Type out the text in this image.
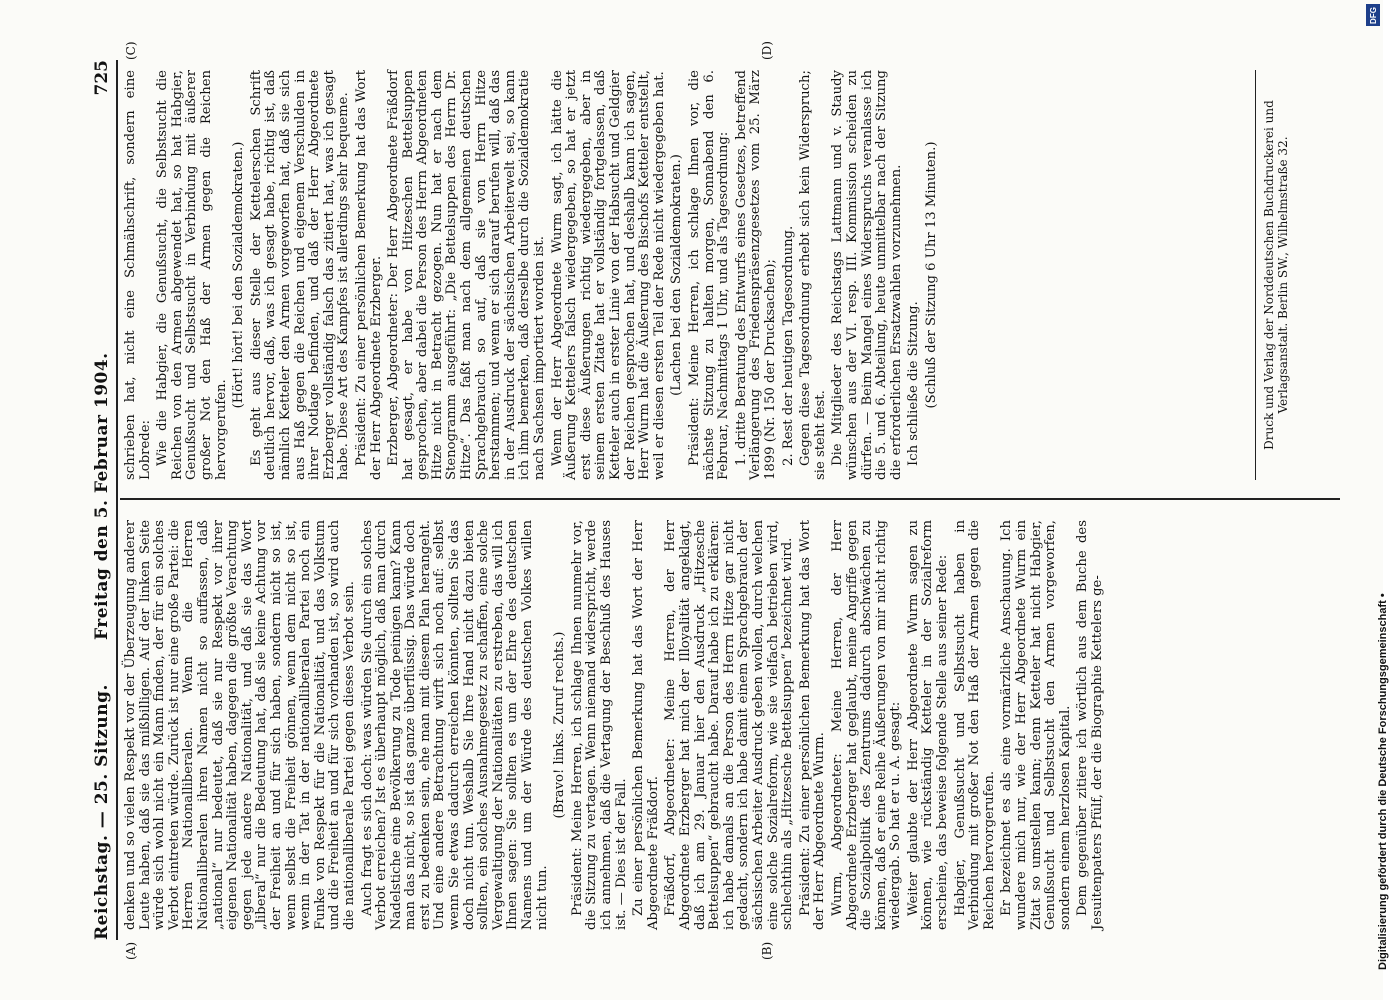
Reichstag. — 25. Sitzung.
Freitag den 5. Februar 1904.
725
(A)	(B)
(C)	(D)

denken und so vielen Respekt vor der Überzeugung anderer Leute haben, daß sie das mißbilligen. Auf der linken Seite würde sich wohl nicht ein Mann finden, der für ein solches Verbot eintreten würde. Zurück ist nur eine große Partei: die Herren Nationalliberalen. Wenn die Herren Nationalliberalen ihren Namen nicht so auffassen, daß „national“ nur bedeutet, daß sie nur Respekt vor ihrer eigenen Nationalität haben, dagegen die größte Verachtung gegen jede andere Nationalität, und daß sie das Wort „liberal“ nur die Bedeutung hat, daß sie keine Achtung vor der Freiheit an und für sich haben, sondern nicht so ist, wenn selbst die Freiheit gönnen, wenn dem nicht so ist, wenn in der Tat in der nationalliberalen Partei noch ein Funke von Respekt für die Nationalität, und das Volkstum und die Freiheit an und für sich vorhanden ist, so wird auch die nationalliberale Partei gegen dieses Verbot sein. Auch fragt es sich doch: was würden Sie durch ein solches Verbot erreichen? Ist es überhaupt möglich, daß man durch Nadelstiche eine Bevölkerung zu Tode peinigen kann? Kann man das nicht, so ist das ganze überflüssig. Das würde doch erst zu bedenken sein, ehe man mit diesem Plan herangeht. Und eine andere Betrachtung wirft sich noch auf: selbst wenn Sie etwas dadurch erreichen könnten, sollten Sie das doch nicht tun. Weshalb Sie Ihre Hand nicht dazu bieten sollten, ein solches Ausnahmegesetz zu schaffen, eine solche Vergewaltigung der Nationalitäten zu erstreben, das will ich Ihnen sagen: Sie sollten es um der Ehre des deutschen Namens und um der Würde des deutschen Volkes willen nicht tun.

(Bravo! links. Zuruf rechts.) Präsident: Meine Herren, ich schlage Ihnen nunmehr vor, die Sitzung zu vertagen. Wenn niemand widerspricht, werde ich annehmen, daß die Vertagung der Beschluß des Hauses ist. — Dies ist der Fall. Zu einer persönlichen Bemerkung hat das Wort der Herr Abgeordnete Fräßdorf. Fräßdorf, Abgeordneter: Meine Herren, der Herr Abgeordnete Erzberger hat mich der Illoyalität angeklagt, daß ich am 29. Januar hier den Ausdruck „Hitzesche Bettelsuppen“ gebraucht habe. Darauf habe ich zu erklären: ich habe damals an die Person des Herrn Hitze gar nicht gedacht, sondern ich habe damit einem Sprachgebrauch der sächsischen Arbeiter Ausdruck geben wollen, durch welchen eine solche Sozialreform, wie sie vielfach betrieben wird, schlechthin als „Hitzesche Bettelsuppen“ bezeichnet wird. Präsident: Zu einer persönlichen Bemerkung hat das Wort der Herr Abgeordnete Wurm. Wurm, Abgeordneter: Meine Herren, der Herr Abgeordnete Erzberger hat geglaubt, meine Angriffe gegen die Sozialpolitik des Zentrums dadurch abschwächen zu können, daß er eine Reihe Äußerungen von mir nicht richtig wiedergab. So hat er u. A. gesagt: Weiter glaubte der Herr Abgeordnete Wurm sagen zu können, wie rückständig Ketteler in der Sozialreform erscheine, das beweise folgende Stelle aus seiner Rede: Habgier, Genußsucht und Selbstsucht haben in Verbindung mit großer Not den Haß der Armen gegen die Reichen hervorgerufen. Er bezeichnet es als eine vormärzliche Anschauung. Ich wundere mich nur, wie der Herr Abgeordnete Wurm ein Zitat so umstellen kann; denn Ketteler hat nicht Habgier, Genußsucht und Selbstsucht den Armen vorgeworfen, sondern einem herzlosen Kapital. Dem gegenüber zitiere ich wörtlich aus dem Buche des Jesuitenpaters Pfülf, der die Biographie Kettelers ge-

schrieben hat, nicht eine Schmähschrift, sondern eine Lobrede: Wie die Habgier, die Genußsucht, die Selbstsucht die Reichen von den Armen abgewendet hat, so hat Habgier, Genußsucht und Selbstsucht in Verbindung mit äußerer großer Not den Haß der Armen gegen die Reichen hervorgerufen.

(Hört! hört! bei den Sozialdemokraten.) Es geht aus dieser Stelle der Kettelerschen Schrift deutlich hervor, daß, was ich gesagt habe, richtig ist, daß nämlich Ketteler den Armen vorgeworfen hat, daß sie sich aus Haß gegen die Reichen und eigenem Verschulden in ihrer Notlage befinden, und daß der Herr Abgeordnete Erzberger vollständig falsch das zitiert hat, was ich gesagt habe. Diese Art des Kampfes ist allerdings sehr bequeme. Präsident: Zu einer persönlichen Bemerkung hat das Wort der Herr Abgeordnete Erzberger. Erzberger, Abgeordneter: Der Herr Abgeordnete Fräßdorf hat gesagt, er habe von Hitzeschen Bettelsuppen gesprochen, aber dabei die Person des Herrn Abgeordneten Hitze nicht in Betracht gezogen. Nun hat er nach dem Stenogramm ausgeführt: „Die Bettelsuppen des Herrn Dr. Hitze“. Das faßt man nach dem allgemeinen deutschen Sprachgebrauch so auf, daß sie von Herrn Hitze herstammen; und wenn er sich darauf berufen will, daß das in der Ausdruck der sächsischen Arbeiterwelt sei, so kann ich ihm bemerken, daß derselbe durch die Sozialdemokratie nach Sachsen importiert worden ist. Wenn der Herr Abgeordnete Wurm sagt, ich hätte die Äußerung Kettelers falsch wiedergegeben, so hat er jetzt erst diese Äußerungen richtig wiedergegeben, aber in seinem ersten Zitate hat er vollständig fortgelassen, daß Ketteler auch in erster Linie von der Habsucht und Geldgier der Reichen gesprochen hat, und deshalb kann ich sagen, Herr Wurm hat die Äußerung des Bischofs Ketteler entstellt, weil er diesen ersten Teil der Rede nicht wiedergegeben hat. (Lachen bei den Sozialdemokraten.) Präsident: Meine Herren, ich schlage Ihnen vor, die nächste Sitzung zu halten morgen, Sonnabend den 6. Februar, Nachmittags 1 Uhr, und als Tagesordnung: 1. dritte Beratung des Entwurfs eines Gesetzes, betreffend Verlängerung des Friedenspräsenzgesetzes vom 25. März 1899 (Nr. 150 der Drucksachen); 2. Rest der heutigen Tagesordnung. Gegen diese Tagesordnung erhebt sich kein Widerspruch; sie steht fest. Die Mitglieder des Reichstags Lattmann und v. Staudy wünschen aus der VI. resp. III. Kommission scheiden zu dürfen. — Beim Mangel eines Widerspruchs veranlasse ich die 5. und 6. Abteilung, heute unmittelbar nach der Sitzung die erforderlichen Ersatzwahlen vorzunehmen. Ich schließe die Sitzung. (Schluß der Sitzung 6 Uhr 13 Minuten.)	Druck und Verlag der Norddeutschen Buchdruckerei und Verlagsanstalt. Berlin SW., Wilhelmstraße 32.
DFG
Digitalisierung gefördert durch die Deutsche Forschungsgemeinschaft •
